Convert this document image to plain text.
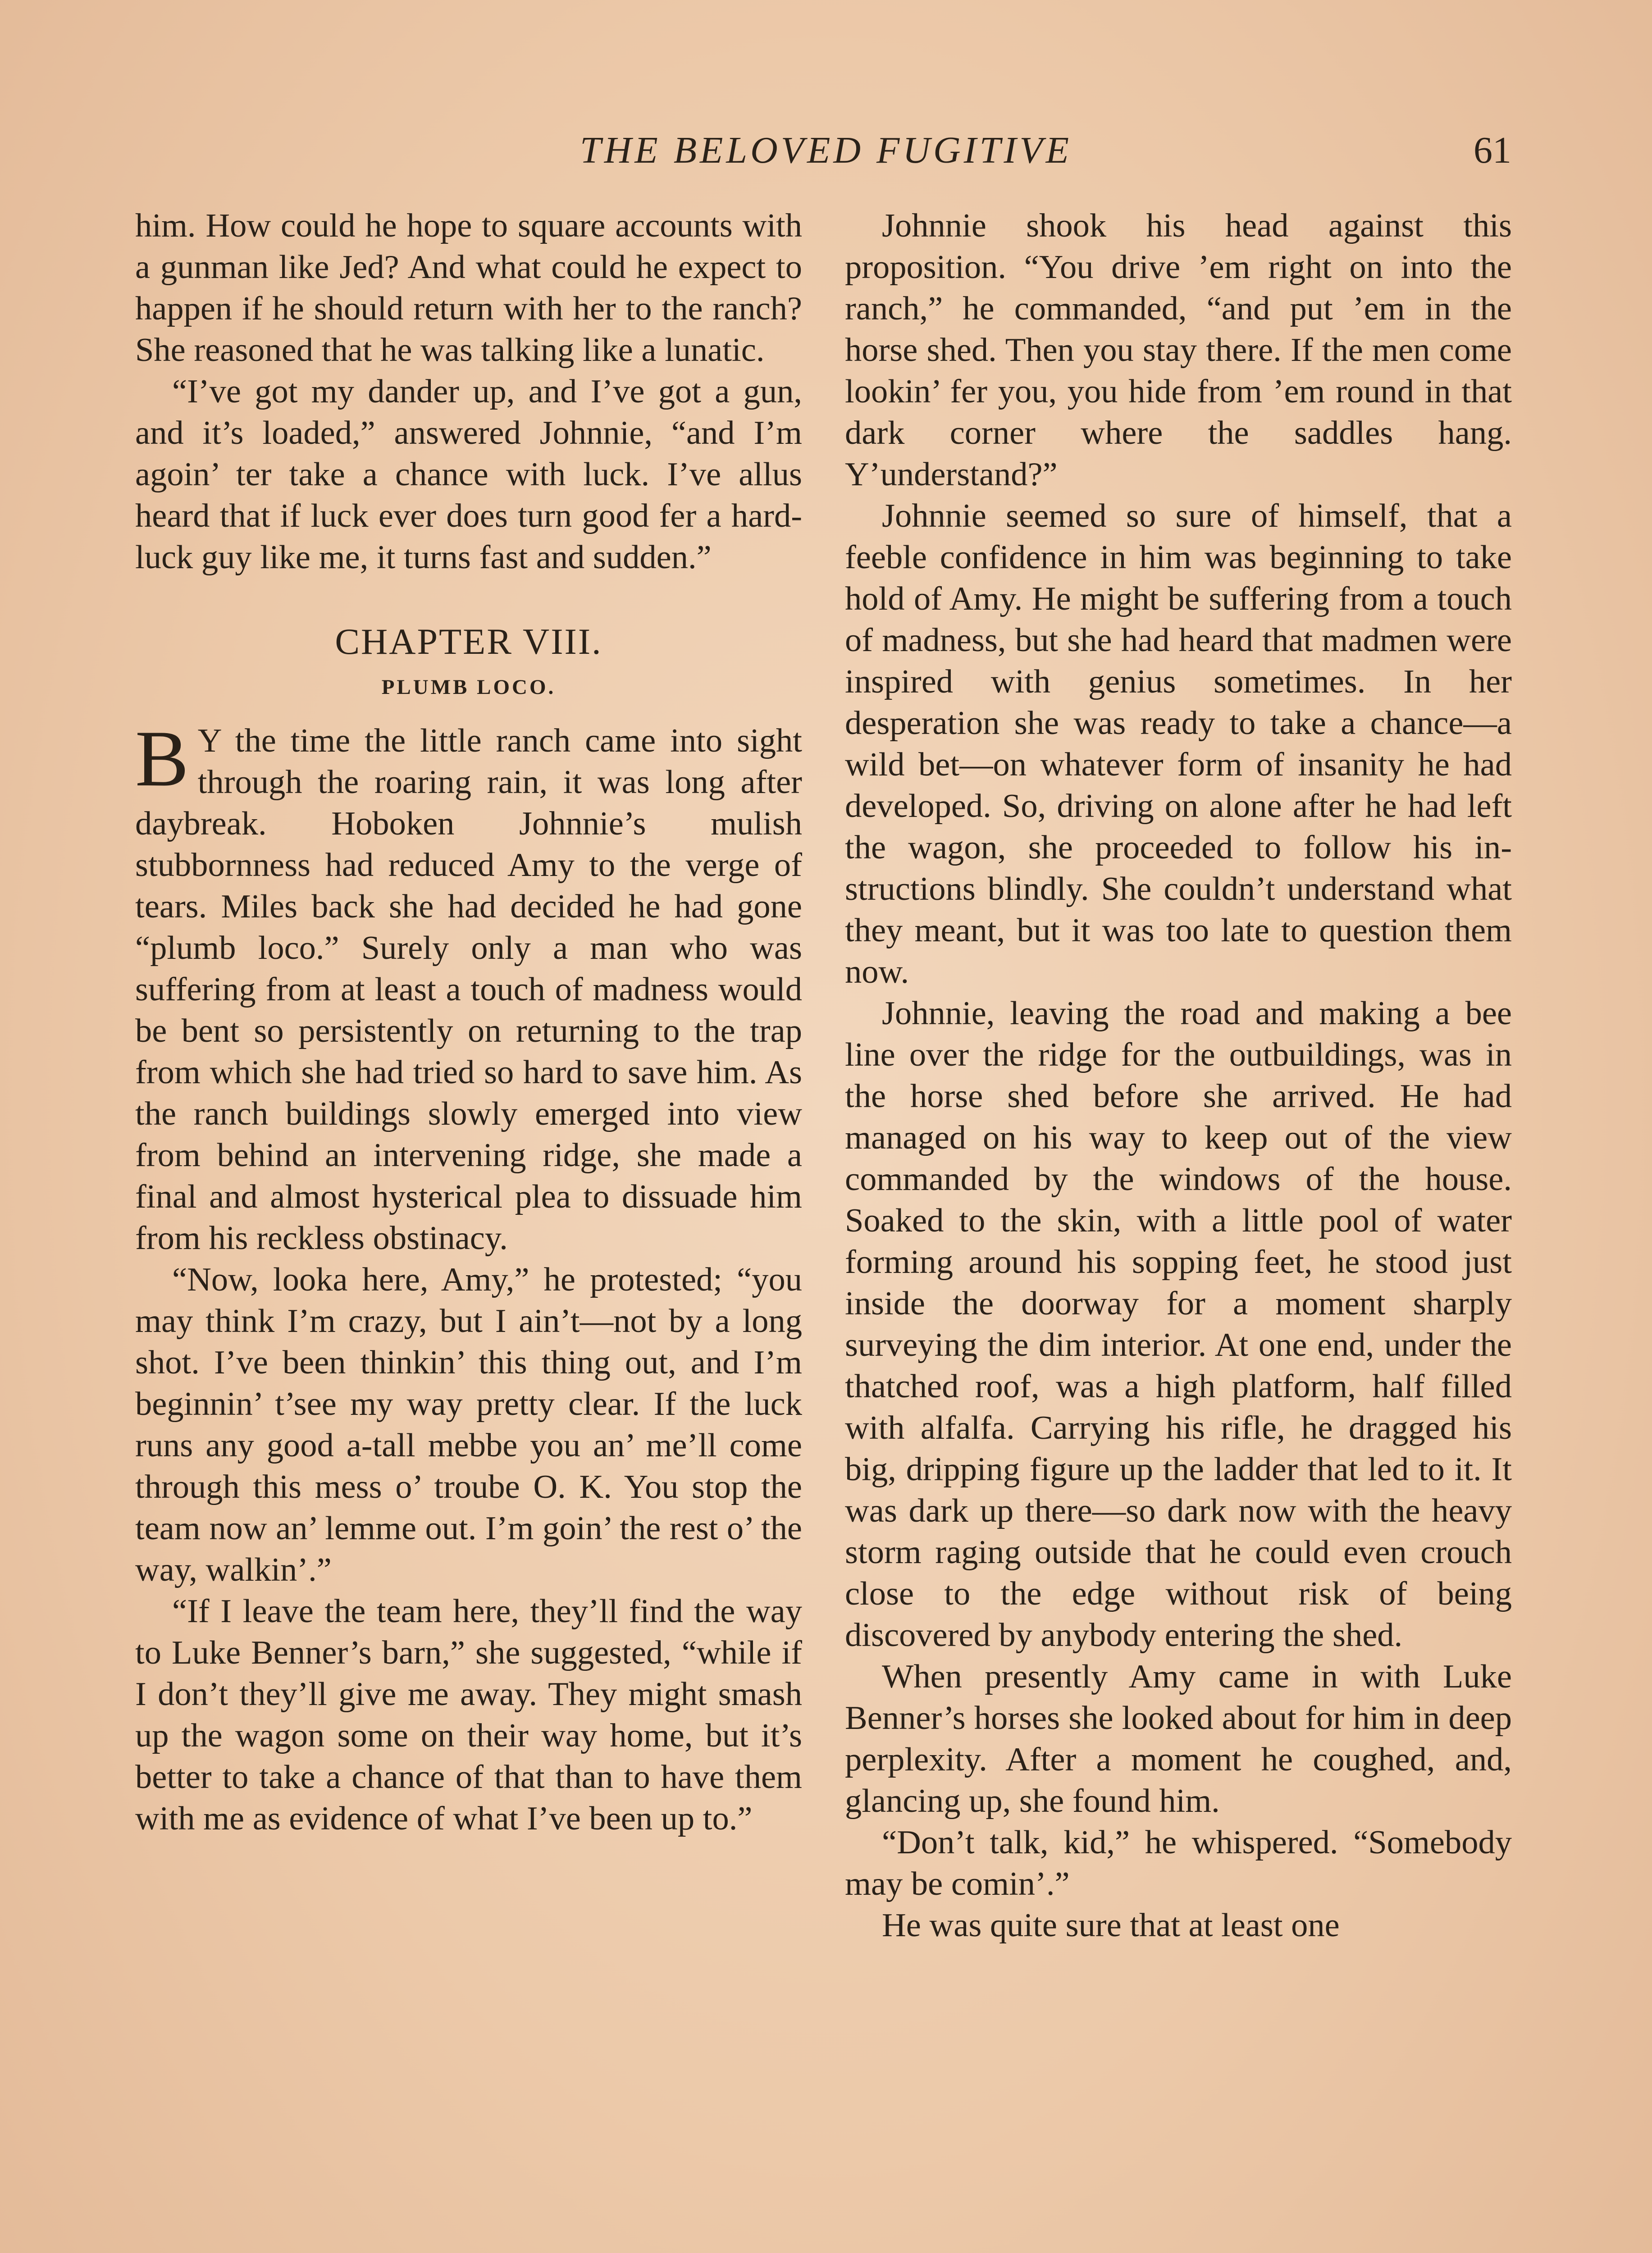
THE BELOVED FUGITIVE	61

him. How could he hope to square accounts with a gunman like Jed? And what could he expect to happen if he should return with her to the ranch? She reasoned that he was talking like a lunatic.

“I’ve got my dander up, and I’ve got a gun, and it’s loaded,” answered Johnnie, “and I’m agoin’ ter take a chance with luck. I’ve allus heard that if luck ever does turn good fer a hard-luck guy like me, it turns fast and sudden.”

CHAPTER VIII.
PLUMB LOCO.

B Y the time the little ranch came into sight through the roaring rain, it was long after daybreak. Hoboken Johnnie’s mulish stubbornness had reduced Amy to the verge of tears. Miles back she had decided he had gone “plumb loco.” Surely only a man who was suffering from at least a touch of madness would be bent so persistently on returning to the trap from which she had tried so hard to save him. As the ranch buildings slowly emerged into view from behind an intervening ridge, she made a final and almost hysterical plea to dissuade him from his reckless obstinacy.

“Now, looka here, Amy,” he protested; “you may think I’m crazy, but I ain’t—not by a long shot. I’ve been thinkin’ this thing out, and I’m beginnin’ t’see my way pretty clear. If the luck runs any good a-tall mebbe you an’ me’ll come through this mess o’ troube O. K. You stop the team now an’ lemme out. I’m goin’ the rest o’ the way, walkin’.”

“If I leave the team here, they’ll find the way to Luke Benner’s barn,” she suggested, “while if I don’t they’ll give me away. They might smash up the wagon some on their way home, but it’s better to take a chance of that than to have them with me as evidence of what I’ve been up to.”

Johnnie shook his head against this proposition. “You drive ’em right on into the ranch,” he commanded, “and put ’em in the horse shed. Then you stay there. If the men come lookin’ fer you, you hide from ’em round in that dark corner where the saddles hang. Y’understand?”

Johnnie seemed so sure of himself, that a feeble confidence in him was beginning to take hold of Amy. He might be suffering from a touch of madness, but she had heard that madmen were inspired with genius sometimes. In her desperation she was ready to take a chance—a wild bet—on whatever form of insanity he had developed. So, driving on alone after he had left the wagon, she proceeded to follow his instructions blindly. She couldn’t understand what they meant, but it was too late to question them now.

Johnnie, leaving the road and making a bee line over the ridge for the outbuildings, was in the horse shed before she arrived. He had managed on his way to keep out of the view commanded by the windows of the house. Soaked to the skin, with a little pool of water forming around his sopping feet, he stood just inside the doorway for a moment sharply surveying the dim interior. At one end, under the thatched roof, was a high platform, half filled with alfalfa. Carrying his rifle, he dragged his big, dripping figure up the ladder that led to it. It was dark up there—so dark now with the heavy storm raging outside that he could even crouch close to the edge without risk of being discovered by anybody entering the shed.

When presently Amy came in with Luke Benner’s horses she looked about for him in deep perplexity. After a moment he coughed, and, glancing up, she found him.

“Don’t talk, kid,” he whispered. “Somebody may be comin’.”

He was quite sure that at least one
